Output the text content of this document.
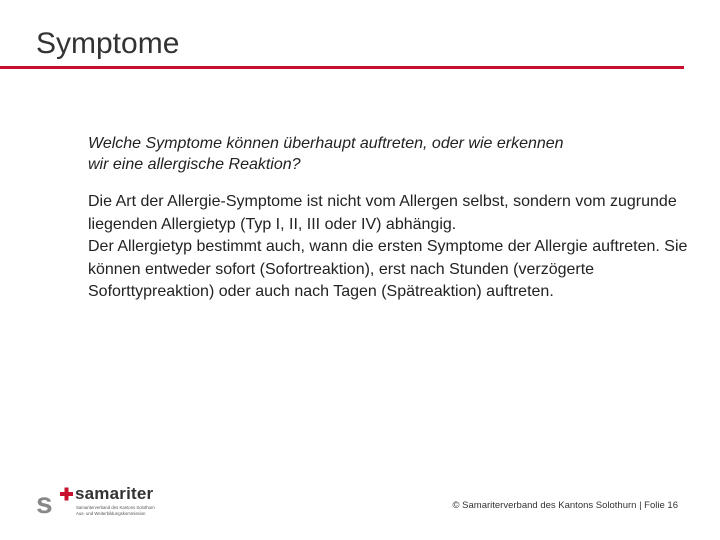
Symptome
Welche Symptome können überhaupt auftreten, oder wie erkennen
wir eine allergische Reaktion?

Die Art der Allergie-Symptome ist nicht vom Allergen selbst, sondern vom zugrunde liegenden Allergietyp (Typ I, II, III oder IV) abhängig.

Der Allergietyp bestimmt auch, wann die ersten Symptome der Allergie auftreten. Sie können entweder sofort (Sofortreaktion), erst nach Stunden (verzögerte Soforttypreaktion) oder auch nach Tagen (Spätreaktion) auftreten.

s samariter
Samariterverband des Kantons Solothurn
Aus- und Weiterbildungskommission
© Samariterverband des Kantons Solothurn | Folie 16
